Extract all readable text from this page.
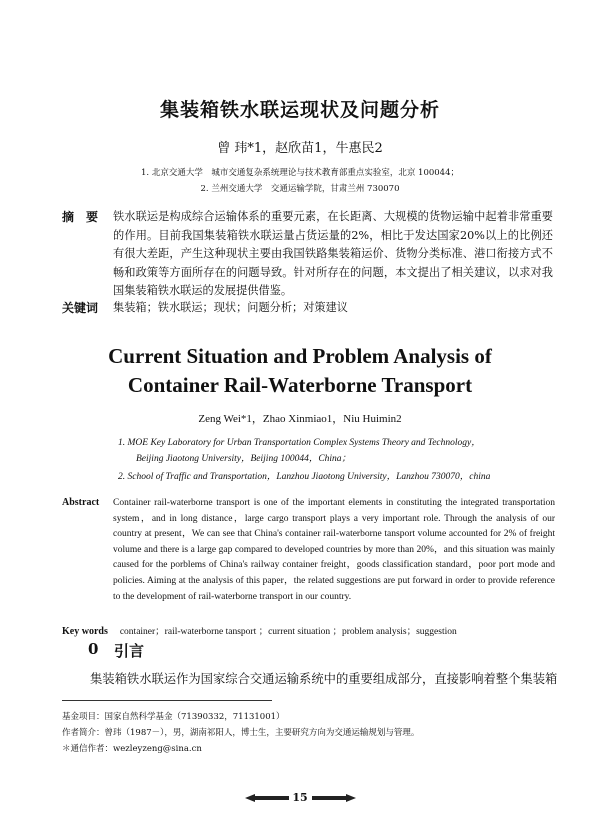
集装箱铁水联运现状及问题分析
曾 玮*1，赵欣苗1，牛惠民2
1. 北京交通大学　城市交通复杂系统理论与技术教育部重点实验室，北京 100044；
2. 兰州交通大学　交通运输学院，甘肃兰州 730070
摘　要 铁水联运是构成综合运输体系的重要元素，在长距离、大规模的货物运输中起着非常重要的作用。目前我国集装箱铁水联运量占货运量的2%，相比于发达国家20%以上的比例还有很大差距，产生这种现状主要由我国铁路集装箱运价、货物分类标准、港口衔接方式不畅和政策等方面所存在的问题导致。针对所存在的问题，本文提出了相关建议，以求对我国集装箱铁水联运的发展提供借鉴。
关键词 集装箱；铁水联运；现状；问题分析；对策建议
Current Situation and Problem Analysis of
Container Rail-Waterborne Transport
Zeng Wei*1，Zhao Xinmiao1，Niu Huimin2
1. MOE Key Laboratory for Urban Transportation Complex Systems Theory and Technology，
Beijing Jiaotong University，Beijing 100044，China；
2. School of Traffic and Transportation，Lanzhou Jiaotong University，Lanzhou 730070，china
Abstract Container rail-waterborne transport is one of the important elements in constituting the integrated transportation system，and in long distance，large cargo transport plays a very important role. Through the analysis of our country at present，We can see that China's container rail-waterborne tansport volume accounted for 2% of freight volume and there is a large gap compared to developed countries by more than 20%，and this situation was mainly caused for the porblems of China's railway container freight，goods classification standard，poor port mode and policies. Aiming at the analysis of this paper，the related suggestions are put forward in order to provide reference to the development of rail-waterborne transport in our country.
Key words container；rail-waterborne tansport ；current situation ；problem analysis；suggestion
0 引言
集装箱铁水联运作为国家综合交通运输系统中的重要组成部分，直接影响着整个集装箱
基金项目：国家自然科学基金（71390332，71131001）
作者简介：曾玮（1987－），男，湖南祁阳人，博士生，主要研究方向为交通运输规划与管理。
＊通信作者：wezleyzeng@sina.cn
15
